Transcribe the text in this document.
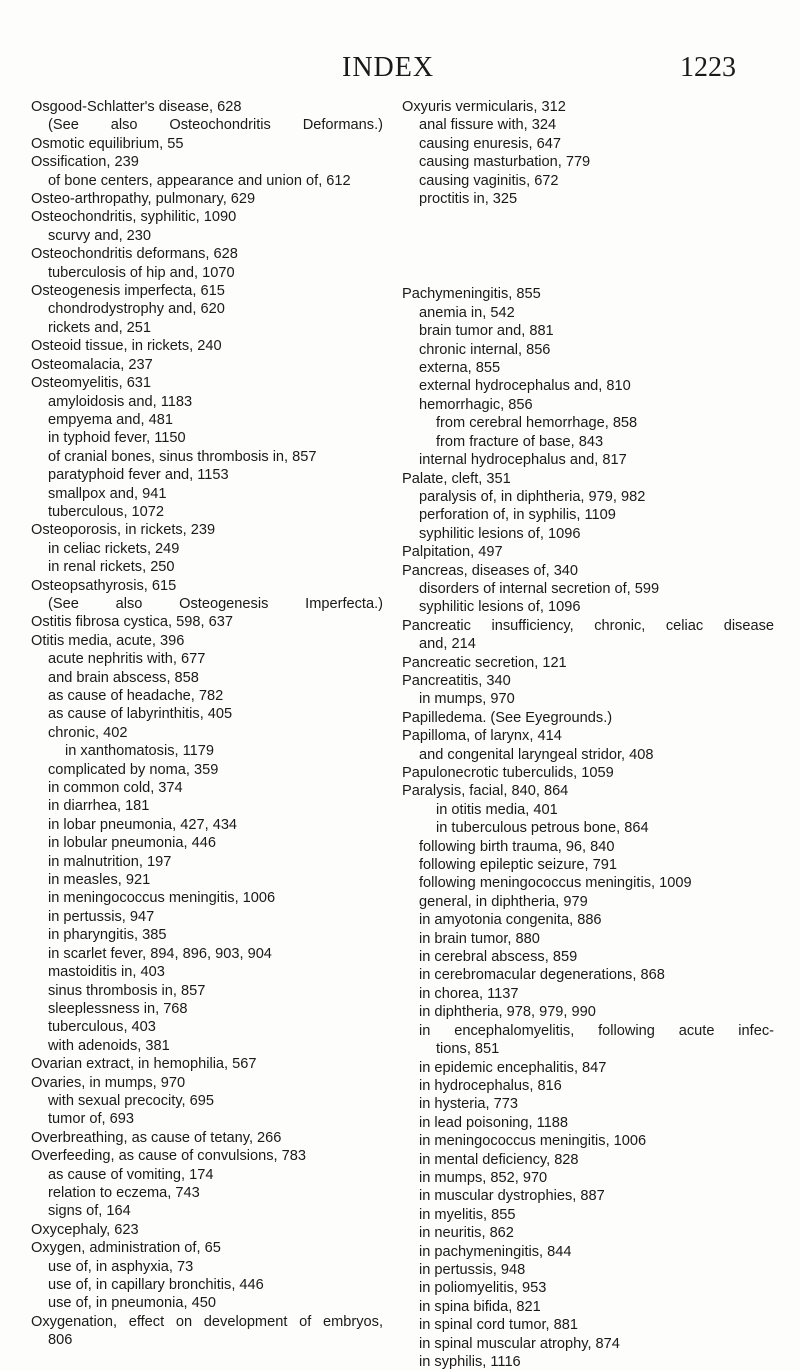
INDEX	1223
Osgood-Schlatter's disease, 628
(See also Osteochondritis Deformans.)
Osmotic equilibrium, 55
Ossification, 239
of bone centers, appearance and union of, 612
Osteo-arthropathy, pulmonary, 629
Osteochondritis, syphilitic, 1090
scurvy and, 230
Osteochondritis deformans, 628
tuberculosis of hip and, 1070
Osteogenesis imperfecta, 615
chondrodystrophy and, 620
rickets and, 251
Osteoid tissue, in rickets, 240
Osteomalacia, 237
Osteomyelitis, 631
amyloidosis and, 1183
empyema and, 481
in typhoid fever, 1150
of cranial bones, sinus thrombosis in, 857
paratyphoid fever and, 1153
smallpox and, 941
tuberculous, 1072
Osteoporosis, in rickets, 239
in celiac rickets, 249
in renal rickets, 250
Osteopsathyrosis, 615
(See also Osteogenesis Imperfecta.)
Ostitis fibrosa cystica, 598, 637
Otitis media, acute, 396
acute nephritis with, 677
and brain abscess, 858
as cause of headache, 782
as cause of labyrinthitis, 405
chronic, 402
in xanthomatosis, 1179
complicated by noma, 359
in common cold, 374
in diarrhea, 181
in lobar pneumonia, 427, 434
in lobular pneumonia, 446
in malnutrition, 197
in measles, 921
in meningococcus meningitis, 1006
in pertussis, 947
in pharyngitis, 385
in scarlet fever, 894, 896, 903, 904
mastoiditis in, 403
sinus thrombosis in, 857
sleeplessness in, 768
tuberculous, 403
with adenoids, 381
Ovarian extract, in hemophilia, 567
Ovaries, in mumps, 970
with sexual precocity, 695
tumor of, 693
Overbreathing, as cause of tetany, 266
Overfeeding, as cause of convulsions, 783
as cause of vomiting, 174
relation to eczema, 743
signs of, 164
Oxycephaly, 623
Oxygen, administration of, 65
use of, in asphyxia, 73
use of, in capillary bronchitis, 446
use of, in pneumonia, 450
Oxygenation, effect on development of embryos,
806
Oxyuris vermicularis, 312
anal fissure with, 324
causing enuresis, 647
causing masturbation, 779
causing vaginitis, 672
proctitis in, 325
Pachymeningitis, 855
anemia in, 542
brain tumor and, 881
chronic internal, 856
externa, 855
external hydrocephalus and, 810
hemorrhagic, 856
from cerebral hemorrhage, 858
from fracture of base, 843
internal hydrocephalus and, 817
Palate, cleft, 351
paralysis of, in diphtheria, 979, 982
perforation of, in syphilis, 1109
syphilitic lesions of, 1096
Palpitation, 497
Pancreas, diseases of, 340
disorders of internal secretion of, 599
syphilitic lesions of, 1096
Pancreatic insufficiency, chronic, celiac disease
and, 214
Pancreatic secretion, 121
Pancreatitis, 340
in mumps, 970
Papilledema. (See Eyegrounds.)
Papilloma, of larynx, 414
and congenital laryngeal stridor, 408
Papulonecrotic tuberculids, 1059
Paralysis, facial, 840, 864
in otitis media, 401
in tuberculous petrous bone, 864
following birth trauma, 96, 840
following epileptic seizure, 791
following meningococcus meningitis, 1009
general, in diphtheria, 979
in amyotonia congenita, 886
in brain tumor, 880
in cerebral abscess, 859
in cerebromacular degenerations, 868
in chorea, 1137
in diphtheria, 978, 979, 990
in encephalomyelitis, following acute infec-
tions, 851
in epidemic encephalitis, 847
in hydrocephalus, 816
in hysteria, 773
in lead poisoning, 1188
in meningococcus meningitis, 1006
in mental deficiency, 828
in mumps, 852, 970
in muscular dystrophies, 887
in myelitis, 855
in neuritis, 862
in pachymeningitis, 844
in pertussis, 948
in poliomyelitis, 953
in spina bifida, 821
in spinal cord tumor, 881
in spinal muscular atrophy, 874
in syphilis, 1116
